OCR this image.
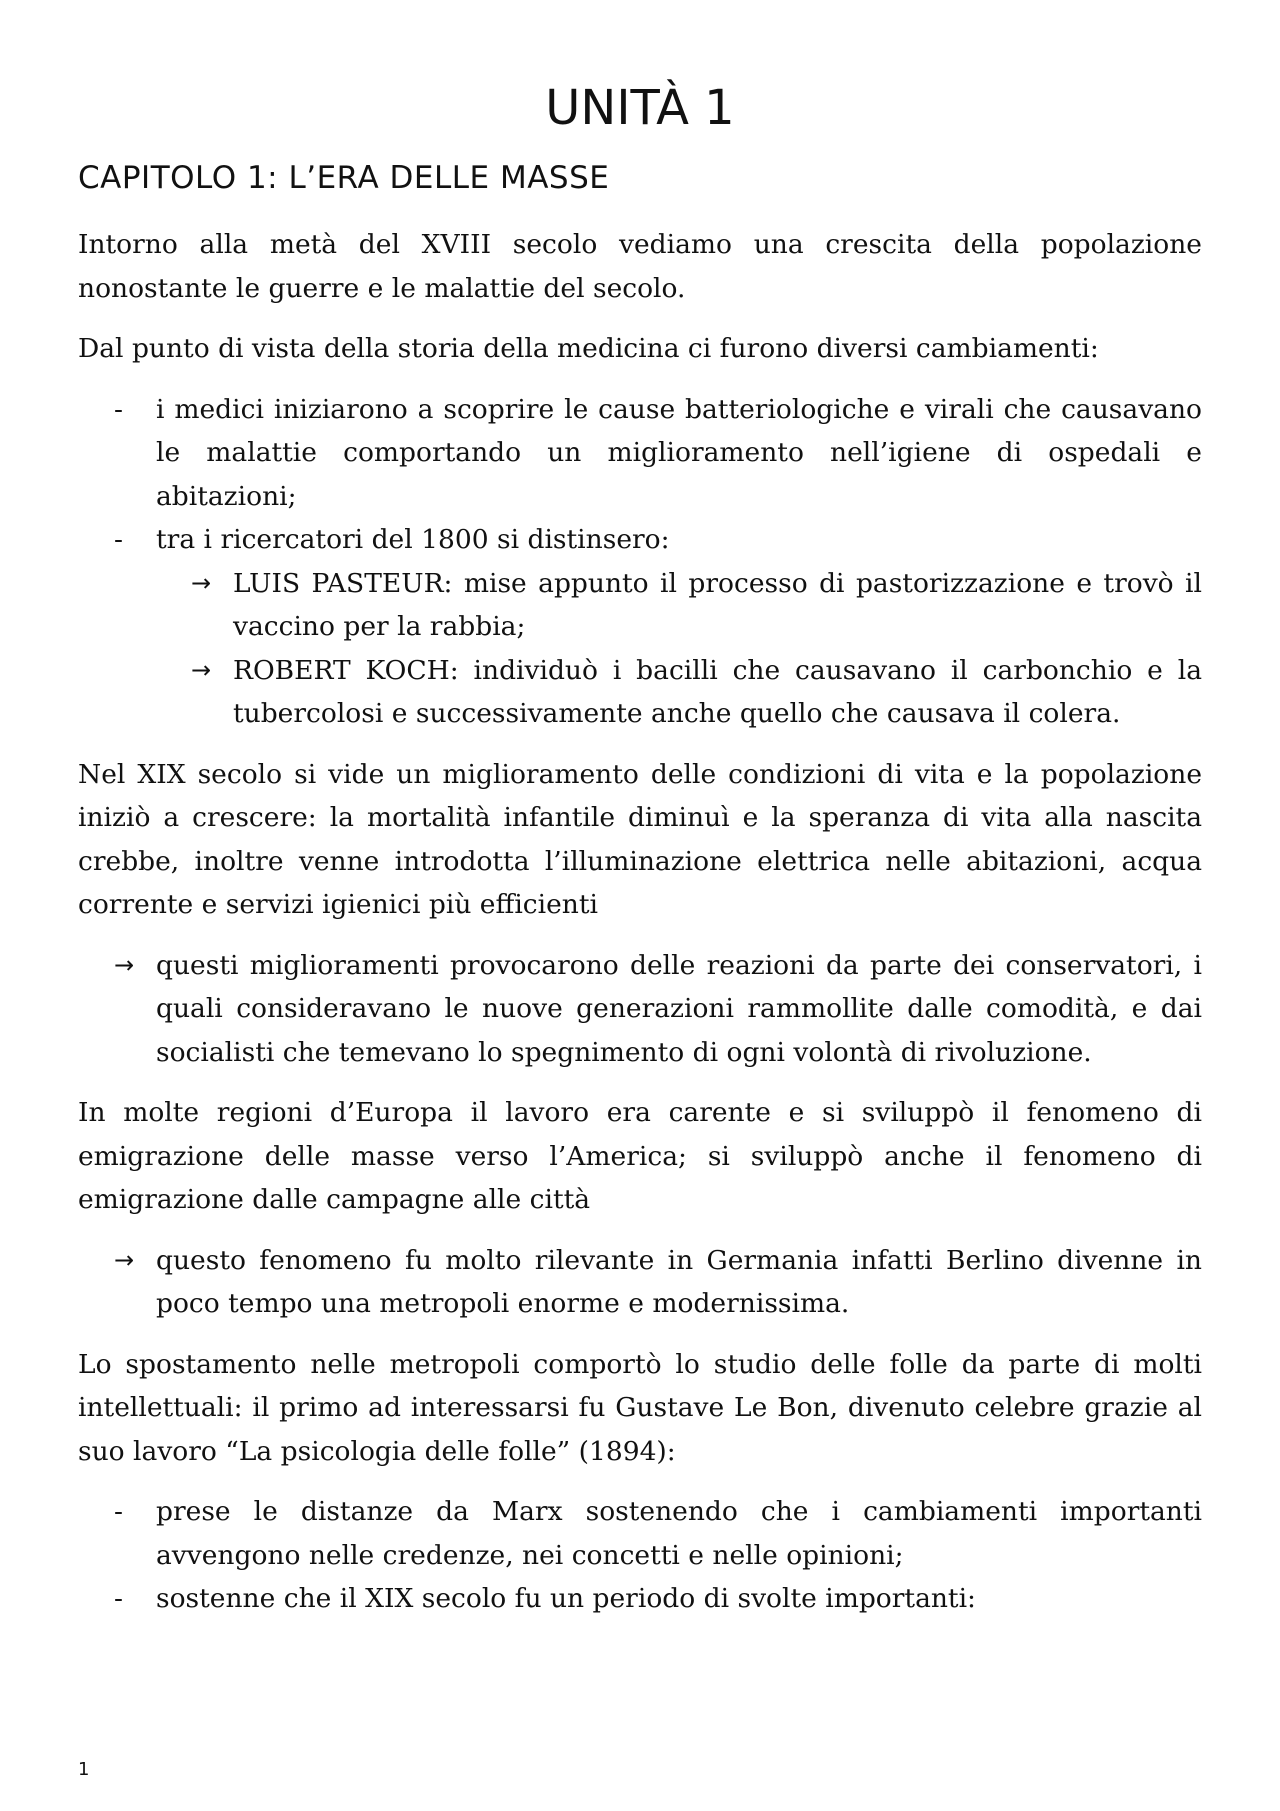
UNITÀ 1
CAPITOLO 1: L’ERA DELLE MASSE

Intorno alla metà del XVIII secolo vediamo una crescita della popolazione nonostante le guerre e le malattie del secolo.

Dal punto di vista della storia della medicina ci furono diversi cambiamenti:

- i medici iniziarono a scoprire le cause batteriologiche e virali che causavano le malattie comportando un miglioramento nell’igiene di ospedali e abitazioni;
- tra i ricercatori del 1800 si distinsero:
→ LUIS PASTEUR: mise appunto il processo di pastorizzazione e trovò il vaccino per la rabbia;
→ ROBERT KOCH: individuò i bacilli che causavano il carbonchio e la tubercolosi e successivamente anche quello che causava il colera.

Nel XIX secolo si vide un miglioramento delle condizioni di vita e la popolazione iniziò a crescere: la mortalità infantile diminuì e la speranza di vita alla nascita crebbe, inoltre venne introdotta l’illuminazione elettrica nelle abitazioni, acqua corrente e servizi igienici più efficienti

→ questi miglioramenti provocarono delle reazioni da parte dei conservatori, i quali consideravano le nuove generazioni rammollite dalle comodità, e dai socialisti che temevano lo spegnimento di ogni volontà di rivoluzione.

In molte regioni d’Europa il lavoro era carente e si sviluppò il fenomeno di emigrazione delle masse verso l’America; si sviluppò anche il fenomeno di emigrazione dalle campagne alle città

→ questo fenomeno fu molto rilevante in Germania infatti Berlino divenne in poco tempo una metropoli enorme e modernissima.

Lo spostamento nelle metropoli comportò lo studio delle folle da parte di molti intellettuali: il primo ad interessarsi fu Gustave Le Bon, divenuto celebre grazie al suo lavoro “La psicologia delle folle” (1894):

- prese le distanze da Marx sostenendo che i cambiamenti importanti avvengono nelle credenze, nei concetti e nelle opinioni;
- sostenne che il XIX secolo fu un periodo di svolte importanti:
1
